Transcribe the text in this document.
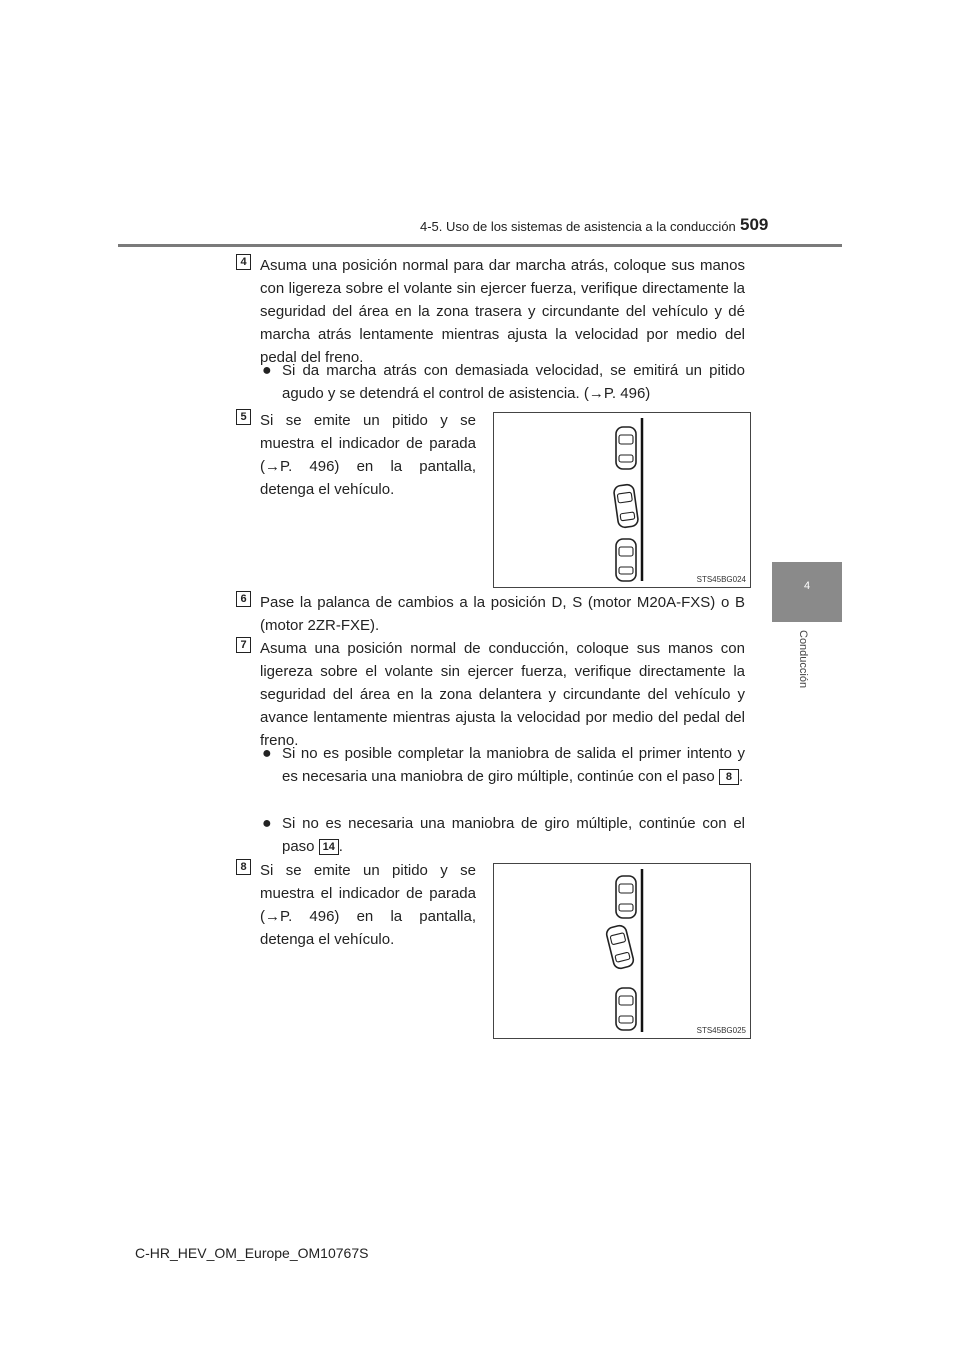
4-5. Uso de los sistemas de asistencia a la conducción 509
4
Conducción
4 Asuma una posición normal para dar marcha atrás, coloque sus manos con ligereza sobre el volante sin ejercer fuerza, verifique directamente la seguridad del área en la zona trasera y circundante del vehículo y dé marcha atrás lentamente mientras ajusta la velocidad por medio del pedal del freno.
● Si da marcha atrás con demasiada velocidad, se emitirá un pitido agudo y se detendrá el control de asistencia. (→P. 496)
5 Si se emite un pitido y se muestra el indicador de parada (→P. 496) en la pantalla, detenga el vehículo.
STS45BG024
6 Pase la palanca de cambios a la posición D, S (motor M20A-FXS) o B (motor 2ZR-FXE).
7 Asuma una posición normal de conducción, coloque sus manos con ligereza sobre el volante sin ejercer fuerza, verifique directamente la seguridad del área en la zona delantera y circundante del vehículo y avance lentamente mientras ajusta la velocidad por medio del pedal del freno.
● Si no es posible completar la maniobra de salida el primer intento y es necesaria una maniobra de giro múltiple, continúe con el paso 8 .
● Si no es necesaria una maniobra de giro múltiple, continúe con el paso 14 .
8 Si se emite un pitido y se muestra el indicador de parada (→P. 496) en la pantalla, detenga el vehículo.
STS45BG025
C-HR_HEV_OM_Europe_OM10767S
